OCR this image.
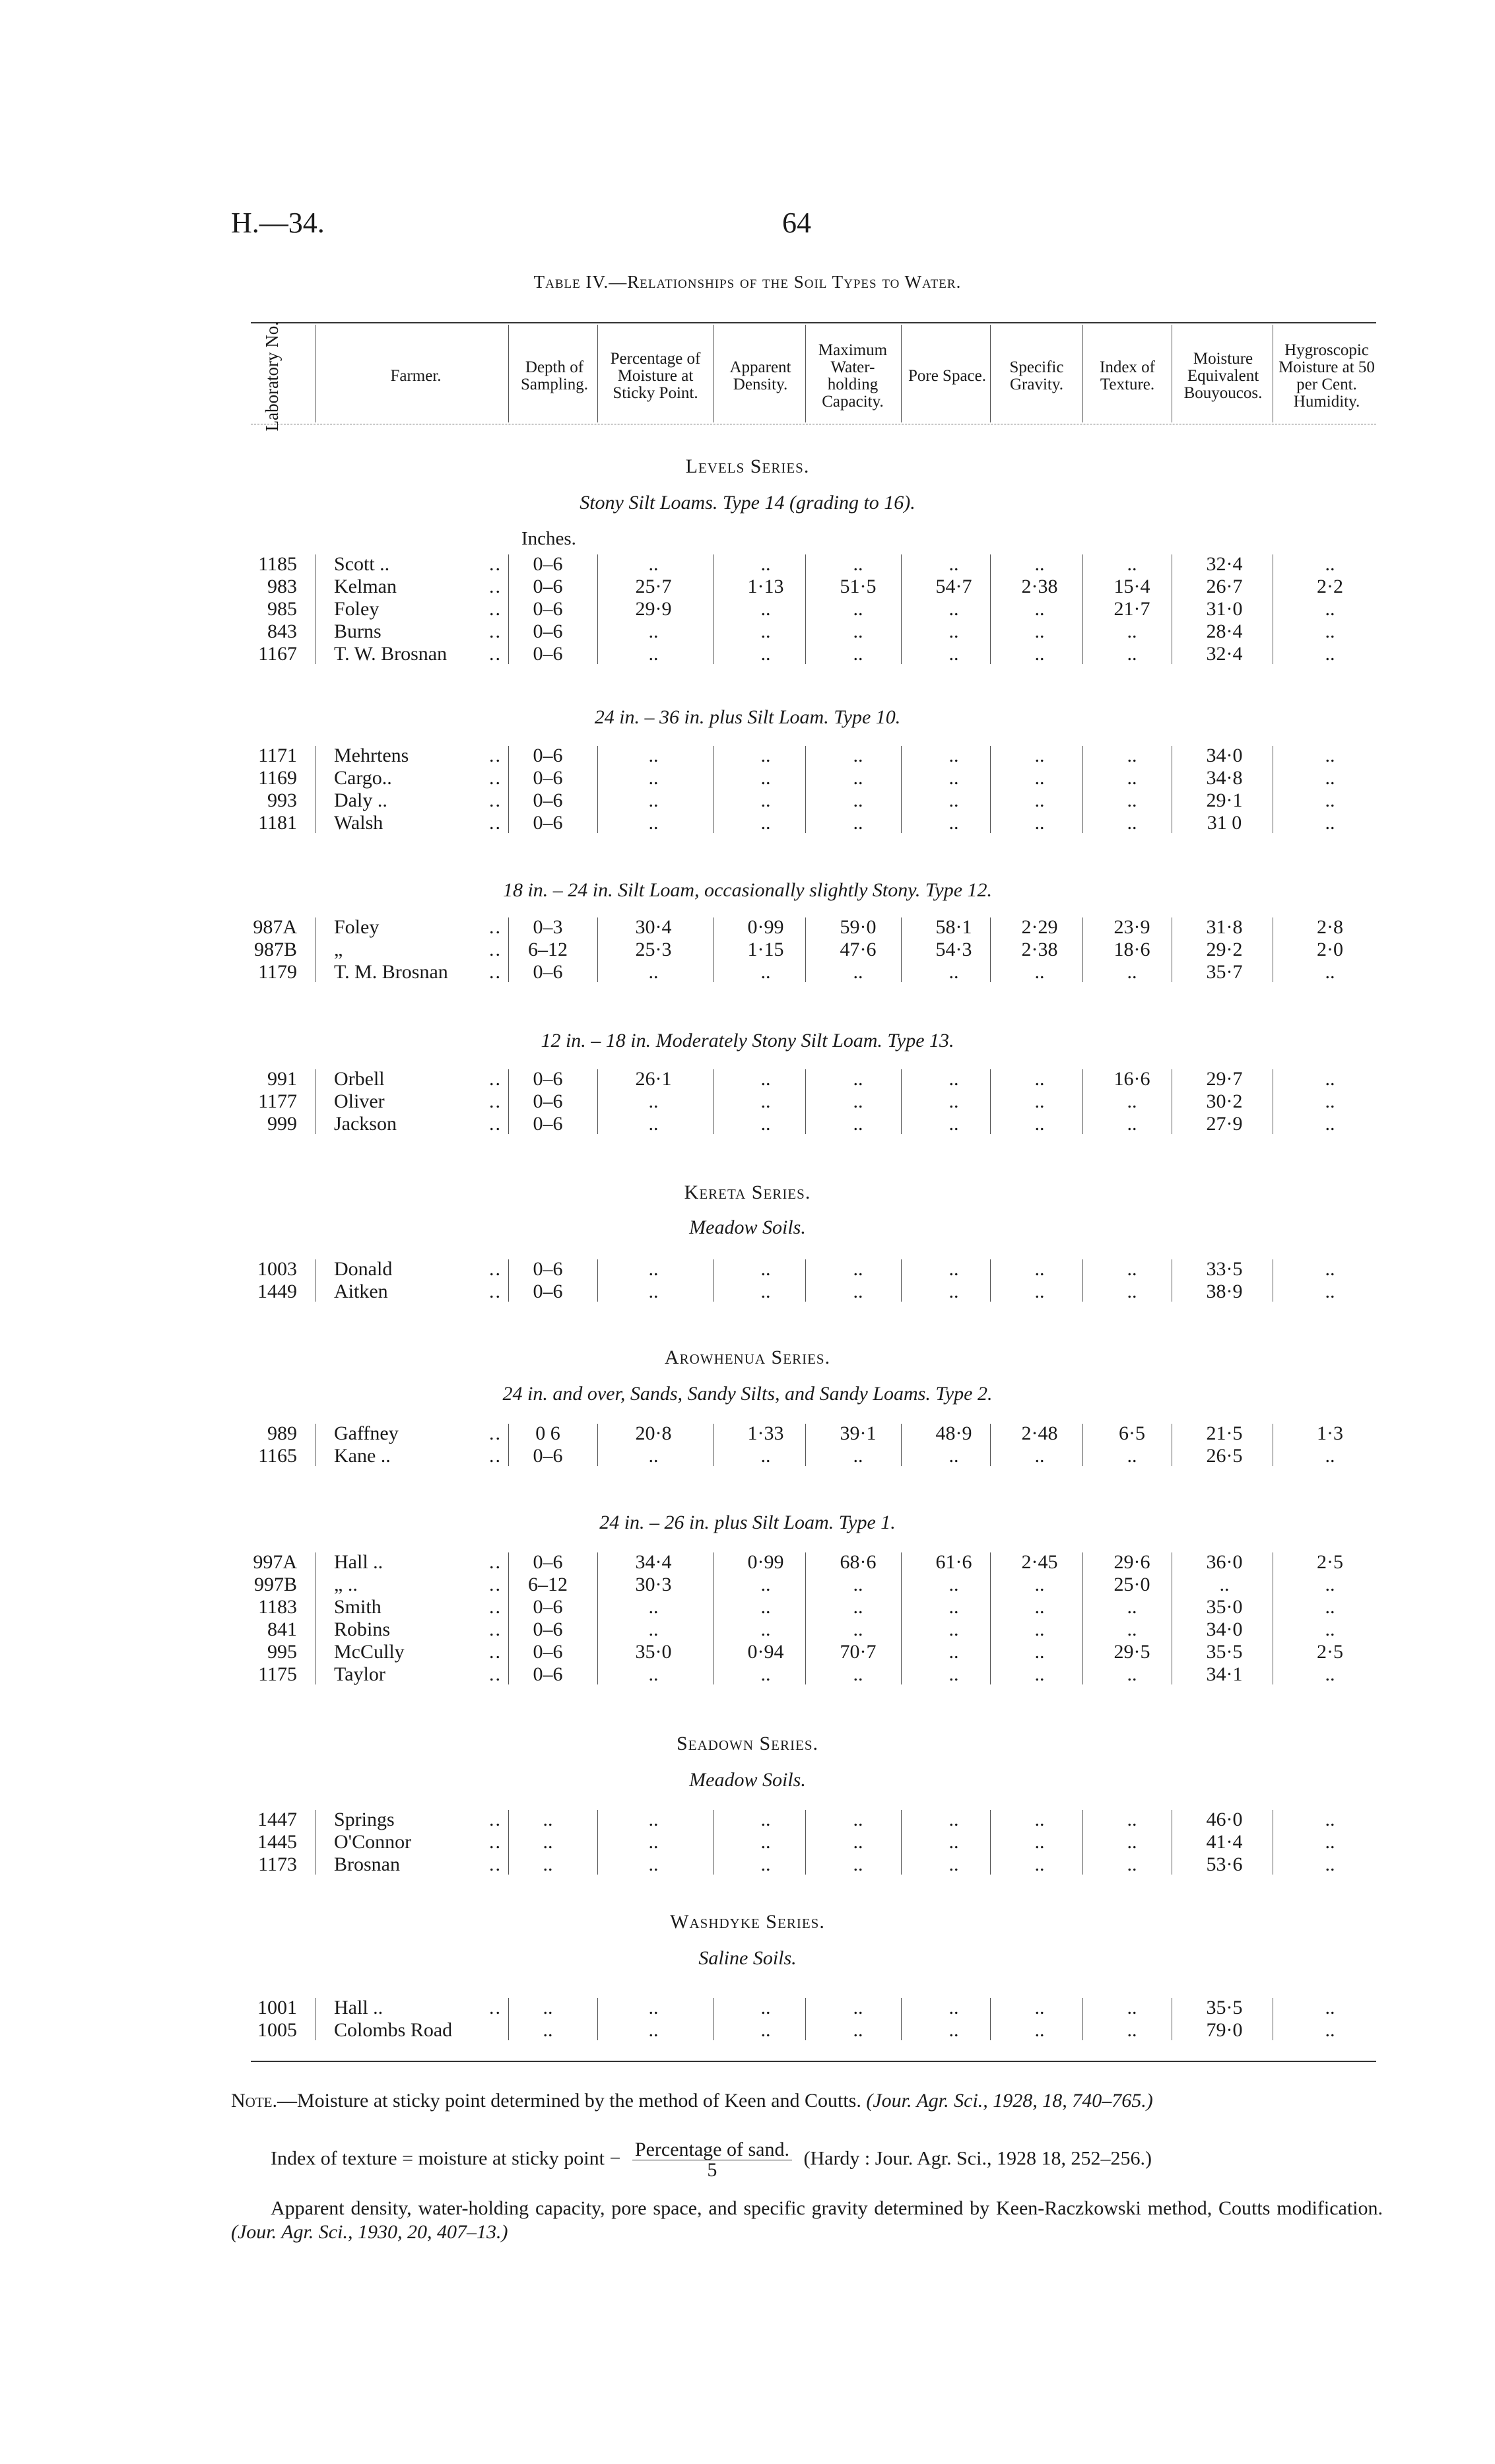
H.—34.	64
Table IV.—Relationships of the Soil Types to Water.
Laboratory No.	Farmer.	Depth of Sampling.
Percentage of Moisture at Sticky Point.
Apparent Density.
Maximum Water-holding Capacity.
Pore Space.	Specific Gravity.
Index of Texture.
Moisture Equivalent Bouyoucos.
Hygroscopic Moisture at 50 per Cent. Humidity.
Inches.
Levels Series.
Stony Silt Loams. Type 14 (grading to 16).
1185 Scott ..	.. 0–6	..	..	..	..	..	..	32·4	..
983 Kelman	.. 0–6	25·7	1·13	51·5	54·7	2·38	15·4	26·7	2·2
985 Foley	.. 0–6	29·9	..	..	..	..	21·7	31·0	..
843 Burns	.. 0–6	..	..	..	..	..	..	28·4	..
1167 T. W. Brosnan	.. 0–6	..	..	..	..	..	..	32·4	..
24 in. – 36 in. plus Silt Loam. Type 10.
1171 Mehrtens	.. 0–6	..	..	..	..	..	..	34·0	..
1169 Cargo..	.. 0–6	..	..	..	..	..	..	34·8	..
993 Daly ..	.. 0–6	..	..	..	..	..	..	29·1	..
1181 Walsh	.. 0–6	..	..	..	..	..	..	31 0	..
18 in. – 24 in. Silt Loam, occasionally slightly Stony. Type 12.
987A Foley	.. 0–3	30·4	0·99	59·0	58·1	2·29	23·9	31·8	2·8
987B „	.. 6–12	25·3	1·15	47·6	54·3	2·38	18·6	29·2	2·0
1179 T. M. Brosnan	.. 0–6	..	..	..	..	..	..	35·7	..
12 in. – 18 in. Moderately Stony Silt Loam. Type 13.
991 Orbell	.. 0–6	26·1	..	..	..	..	16·6	29·7	..
1177 Oliver	.. 0–6	..	..	..	..	..	..	30·2	..
999 Jackson	.. 0–6	..	..	..	..	..	..	27·9	..
Kereta Series.
Meadow Soils.
1003 Donald	.. 0–6	..	..	..	..	..	..	33·5	..
1449 Aitken	.. 0–6	..	..	..	..	..	..	38·9	..
Arowhenua Series.
24 in. and over, Sands, Sandy Silts, and Sandy Loams. Type 2.
989 Gaffney	..	0 6	20·8	1·33	39·1	48·9	2·48	6·5	21·5	1·3
1165 Kane ..	.. 0–6	..	..	..	..	..	..	26·5	..
24 in. – 26 in. plus Silt Loam. Type 1.
997A Hall ..	.. 0–6	34·4	0·99	68·6	61·6	2·45	29·6	36·0	2·5
997B „ ..	.. 6–12	30·3	..	..	..	..	25·0	..	..
1183 Smith	.. 0–6	..	..	..	..	..	..	35·0	..
841 Robins	.. 0–6	..	..	..	..	..	..	34·0	..
995 McCully	.. 0–6	35·0	0·94	70·7	..	..	29·5	35·5	2·5
1175 Taylor	.. 0–6	..	..	..	..	..	..	34·1	..
Seadown Series.
Meadow Soils.
1447 Springs	..	..	..	..	..	..	..	..	46·0	..
1445 O'Connor	..	..	..	..	..	..	..	..	41·4	..
1173 Brosnan	..	..	..	..	..	..	..	..	53·6	..
Washdyke Series.
Saline Soils.
1001 Hall ..	..	..	..	..	..	..	..	..	35·5	..
1005 Colombs Road	..	..	..	..	..	..	..	79·0	..
Note.—Moisture at sticky point determined by the method of Keen and Coutts. (Jour. Agr. Sci., 1928, 18, 740–765.)
Index of texture = moisture at sticky point − $\frac{\text{Percentage of sand.}}{5}$ (Hardy : Jour. Agr. Sci., 1928 18, 252–256.)
Apparent density, water-holding capacity, pore space, and specific gravity determined by Keen-Raczkowski method, Coutts modification. (Jour. Agr. Sci., 1930, 20, 407–13.)
